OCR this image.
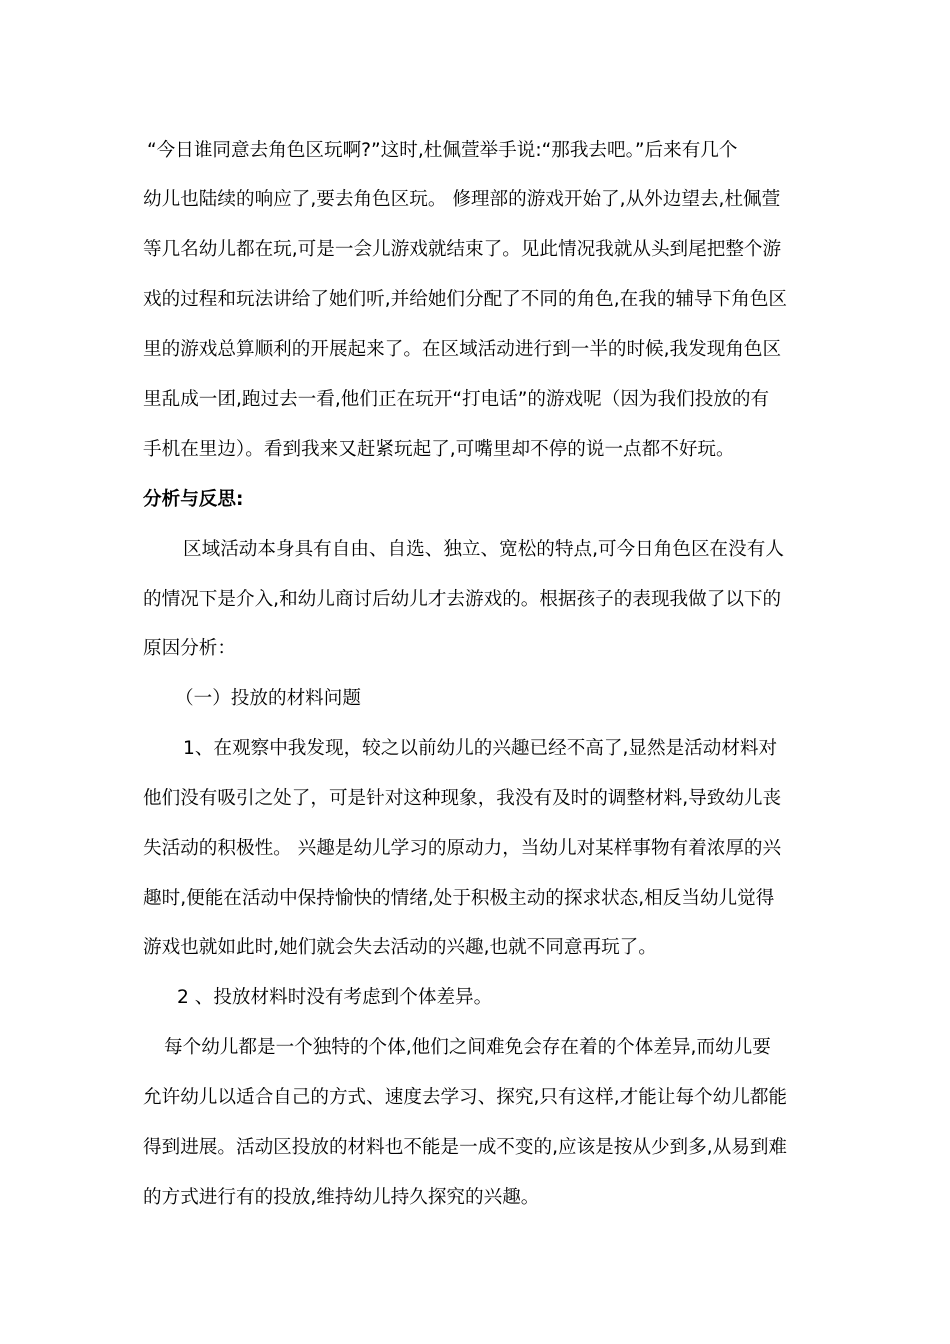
“今日谁同意去角色区玩啊?”这时,杜佩萱举手说:“那我去吧。”后来有几个
幼儿也陆续的响应了,要去角色区玩。 修理部的游戏开始了,从外边望去,杜佩萱
等几名幼儿都在玩,可是一会儿游戏就结束了。见此情况我就从头到尾把整个游
戏的过程和玩法讲给了她们听,并给她们分配了不同的角色,在我的辅导下角色区
里的游戏总算顺利的开展起来了。在区域活动进行到一半的时候,我发现角色区
里乱成一团,跑过去一看,他们正在玩开“打电话”的游戏呢（因为我们投放的有
手机在里边）。看到我来又赶紧玩起了,可嘴里却不停的说一点都不好玩。
分析与反思:
区域活动本身具有自由、自选、独立、宽松的特点,可今日角色区在没有人
的情况下是介入,和幼儿商讨后幼儿才去游戏的。根据孩子的表现我做了以下的
原因分析：
（一）投放的材料问题
1、在观察中我发现，较之以前幼儿的兴趣已经不高了,显然是活动材料对
他们没有吸引之处了，可是针对这种现象，我没有及时的调整材料,导致幼儿丧
失活动的积极性。 兴趣是幼儿学习的原动力，当幼儿对某样事物有着浓厚的兴
趣时,便能在活动中保持愉快的情绪,处于积极主动的探求状态,相反当幼儿觉得
游戏也就如此时,她们就会失去活动的兴趣,也就不同意再玩了。
2 、投放材料时没有考虑到个体差异。
每个幼儿都是一个独特的个体,他们之间难免会存在着的个体差异,而幼儿要
允许幼儿以适合自己的方式、速度去学习、探究,只有这样,才能让每个幼儿都能
得到进展。活动区投放的材料也不能是一成不变的,应该是按从少到多,从易到难
的方式进行有的投放,维持幼儿持久探究的兴趣。
